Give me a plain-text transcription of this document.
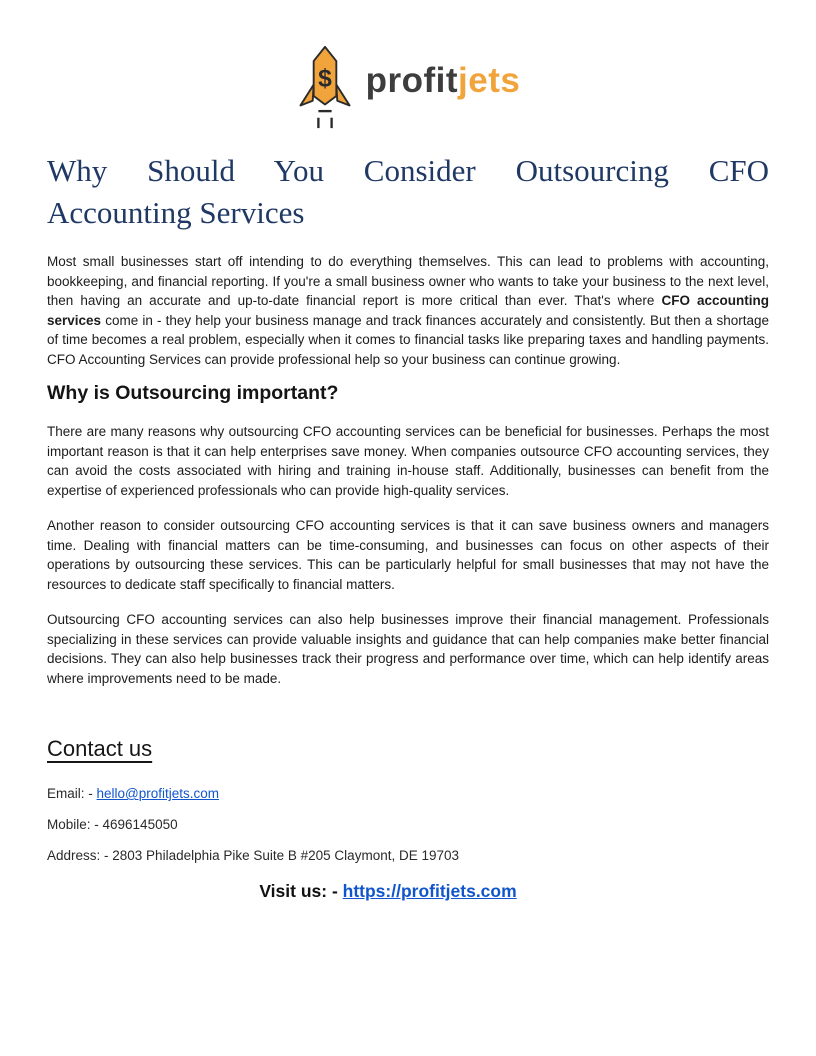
$ profitjets
Why Should You Consider Outsourcing CFO
Accounting Services

Most small businesses start off intending to do everything themselves. This can lead to problems with accounting, bookkeeping, and financial reporting. If you're a small business owner who wants to take your business to the next level, then having an accurate and up-to-date financial report is more critical than ever. That's where CFO accounting services come in - they help your business manage and track finances accurately and consistently. But then a shortage of time becomes a real problem, especially when it comes to financial tasks like preparing taxes and handling payments. CFO Accounting Services can provide professional help so your business can continue growing.

Why is Outsourcing important?

There are many reasons why outsourcing CFO accounting services can be beneficial for businesses. Perhaps the most important reason is that it can help enterprises save money. When companies outsource CFO accounting services, they can avoid the costs associated with hiring and training in-house staff. Additionally, businesses can benefit from the expertise of experienced professionals who can provide high-quality services.

Another reason to consider outsourcing CFO accounting services is that it can save business owners and managers time. Dealing with financial matters can be time-consuming, and businesses can focus on other aspects of their operations by outsourcing these services. This can be particularly helpful for small businesses that may not have the resources to dedicate staff specifically to financial matters.

Outsourcing CFO accounting services can also help businesses improve their financial management. Professionals specializing in these services can provide valuable insights and guidance that can help companies make better financial decisions. They can also help businesses track their progress and performance over time, which can help identify areas where improvements need to be made.

Contact us

Email: - hello@profitjets.com

Mobile: - 4696145050

Address: - 2803 Philadelphia Pike Suite B #205 Claymont, DE 19703

Visit us: - https://profitjets.com
